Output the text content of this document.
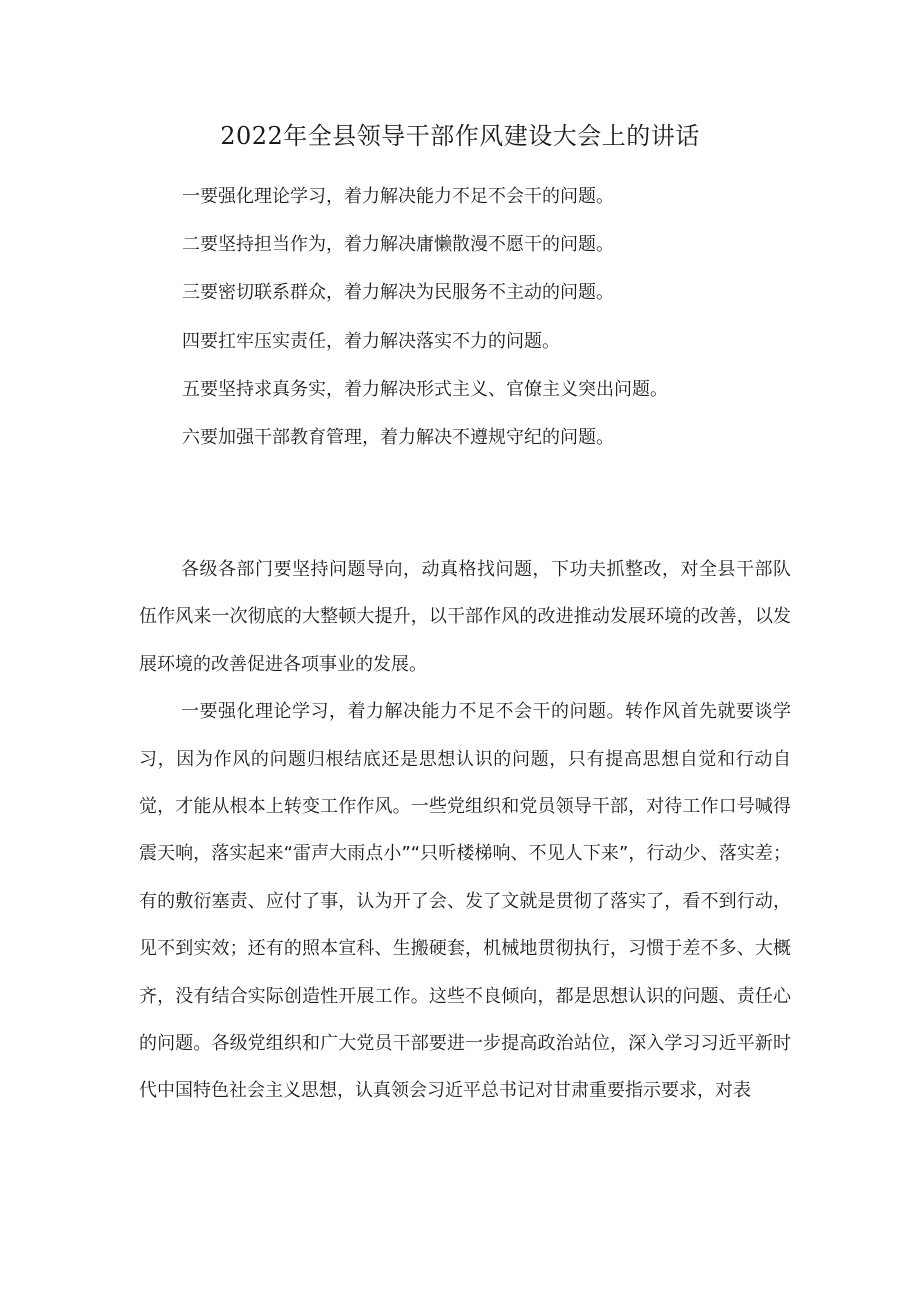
2022年全县领导干部作风建设大会上的讲话
一要强化理论学习，着力解决能力不足不会干的问题。
二要坚持担当作为，着力解决庸懒散漫不愿干的问题。
三要密切联系群众，着力解决为民服务不主动的问题。
四要扛牢压实责任，着力解决落实不力的问题。
五要坚持求真务实，着力解决形式主义、官僚主义突出问题。
六要加强干部教育管理，着力解决不遵规守纪的问题。

各级各部门要坚持问题导向，动真格找问题，下功夫抓整改，对全县干部队伍作风来一次彻底的大整顿大提升，以干部作风的改进推动发展环境的改善，以发展环境的改善促进各项事业的发展。

一要强化理论学习，着力解决能力不足不会干的问题。转作风首先就要谈学习，因为作风的问题归根结底还是思想认识的问题，只有提高思想自觉和行动自觉，才能从根本上转变工作作风。一些党组织和党员领导干部，对待工作口号喊得震天响，落实起来“雷声大雨点小”“只听楼梯响、不见人下来”，行动少、落实差；有的敷衍塞责、应付了事，认为开了会、发了文就是贯彻了落实了，看不到行动，见不到实效；还有的照本宣科、生搬硬套，机械地贯彻执行，习惯于差不多、大概齐，没有结合实际创造性开展工作。这些不良倾向，都是思想认识的问题、责任心的问题。各级党组织和广大党员干部要进一步提高政治站位，深入学习习近平新时代中国特色社会主义思想，认真领会习近平总书记对甘肃重要指示要求，对表
